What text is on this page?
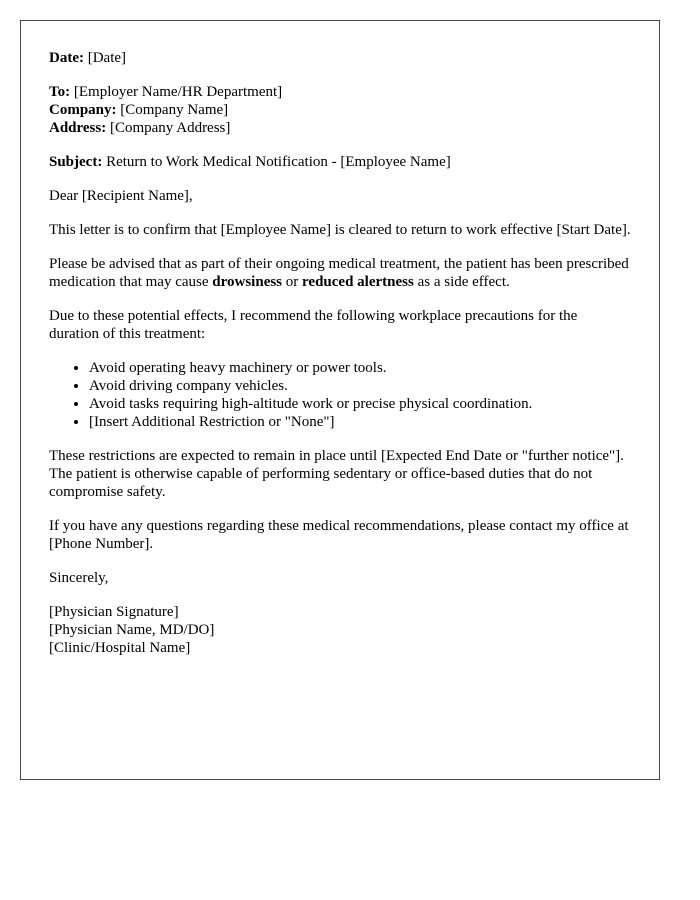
Date: [Date]

To: [Employer Name/HR Department]
Company: [Company Name]
Address: [Company Address]

Subject: Return to Work Medical Notification - [Employee Name]

Dear [Recipient Name],

This letter is to confirm that [Employee Name] is cleared to return to work effective [Start Date].

Please be advised that as part of their ongoing medical treatment, the patient has been prescribed medication that may cause drowsiness or reduced alertness as a side effect.

Due to these potential effects, I recommend the following workplace precautions for the duration of this treatment:

• Avoid operating heavy machinery or power tools.
• Avoid driving company vehicles.
• Avoid tasks requiring high-altitude work or precise physical coordination.
• [Insert Additional Restriction or "None"]

These restrictions are expected to remain in place until [Expected End Date or "further notice"]. The patient is otherwise capable of performing sedentary or office-based duties that do not compromise safety.

If you have any questions regarding these medical recommendations, please contact my office at [Phone Number].

Sincerely,

[Physician Signature]
[Physician Name, MD/DO]
[Clinic/Hospital Name]
